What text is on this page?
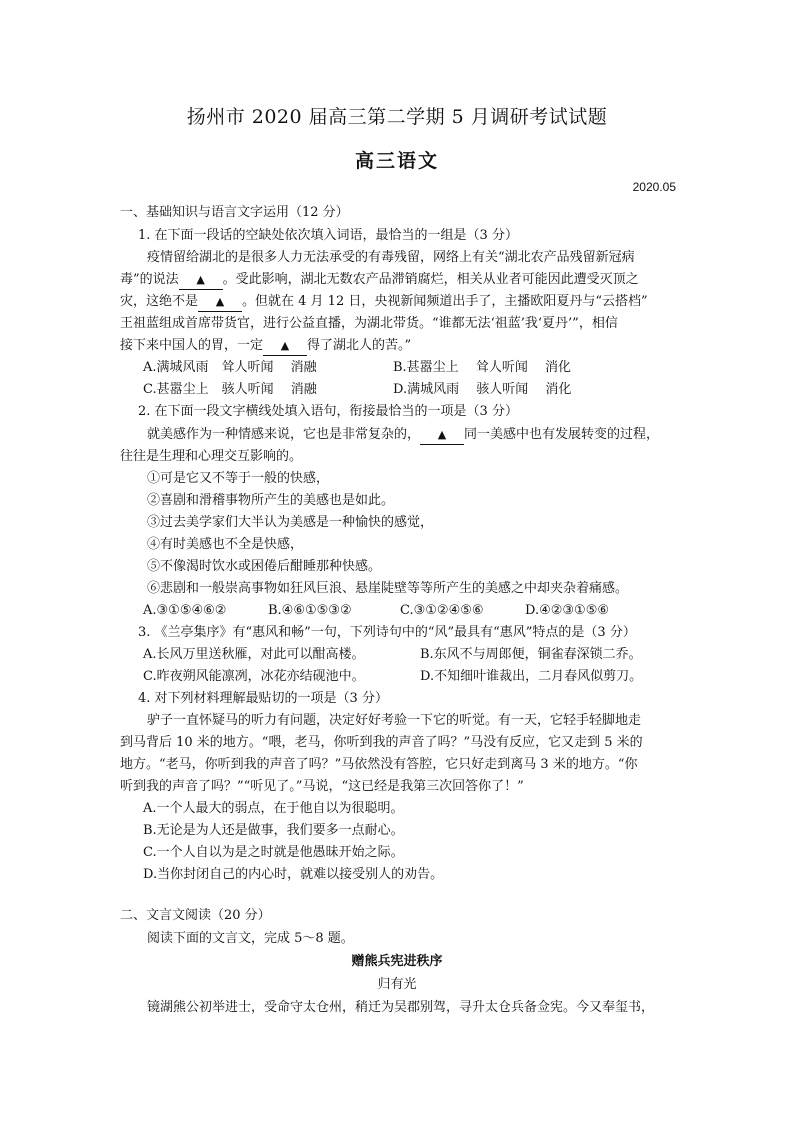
扬州市 2020 届高三第二学期 5 月调研考试试题
高三语文
2020.05
一、基础知识与语言文字运用（12 分）
1. 在下面一段话的空缺处依次填入词语，最恰当的一组是（3 分）
疫情留给湖北的是很多人力无法承受的有毒残留，网络上有关“湖北农产品残留新冠病
毒”的说法 ▲ 。受此影响，湖北无数农产品滞销腐烂，相关从业者可能因此遭受灭顶之
灾，这绝不是 ▲ 。但就在 4 月 12 日，央视新闻频道出手了，主播欧阳夏丹与“云搭档”
王祖蓝组成首席带货官，进行公益直播，为湖北带货。“谁都无法‘祖蓝’我‘夏丹’”，相信
接下来中国人的胃，一定 ▲ 得了湖北人的苦。”
A.满城风雨　耸人听闻　 消融	B.甚嚣尘上　 耸人听闻　 消化
C.甚嚣尘上　骇人听闻　 消融	D.满城风雨　 骇人听闻　 消化
2. 在下面一段文字横线处填入语句，衔接最恰当的一项是（3 分）
就美感作为一种情感来说，它也是非常复杂的， ▲ 同一美感中也有发展转变的过程，
往往是生理和心理交互影响的。
①可是它又不等于一般的快感，
②喜剧和滑稽事物所产生的美感也是如此。
③过去美学家们大半认为美感是一种愉快的感觉，
④有时美感也不全是快感，
⑤不像渴时饮水或困倦后酣睡那种快感。
⑥悲剧和一般崇高事物如狂风巨浪、悬崖陡壁等等所产生的美感之中却夹杂着痛感。
A.③①⑤④⑥②	B.④⑥①⑤③②	C.③①②④⑤⑥	D.④②③①⑤⑥
3. 《兰亭集序》有“惠风和畅”一句，下列诗句中的“风”最具有“惠风”特点的是（3 分）
A.长风万里送秋雁，对此可以酣高楼。	B.东风不与周郎便，铜雀春深锁二乔。
C.昨夜朔风能凛冽，冰花亦结砚池中。	D.不知细叶谁裁出，二月春风似剪刀。
4. 对下列材料理解最贴切的一项是（3 分）
驴子一直怀疑马的听力有问题，决定好好考验一下它的听觉。有一天，它轻手轻脚地走
到马背后 10 米的地方。“喂，老马，你听到我的声音了吗？”马没有反应，它又走到 5 米的
地方。“老马，你听到我的声音了吗？”马依然没有答腔，它只好走到离马 3 米的地方。“你
听到我的声音了吗？”“听见了。”马说，“这已经是我第三次回答你了！”
A.一个人最大的弱点，在于他自以为很聪明。
B.无论是为人还是做事，我们要多一点耐心。
C.一个人自以为是之时就是他愚昧开始之际。
D.当你封闭自己的内心时，就难以接受别人的劝告。
二、文言文阅读（20 分）
阅读下面的文言文，完成 5～8 题。
赠熊兵宪进秩序
归有光
镜湖熊公初举进士，受命守太仓州，稍迁为吴郡别驾，寻升太仓兵备佥宪。今又奉玺书，
